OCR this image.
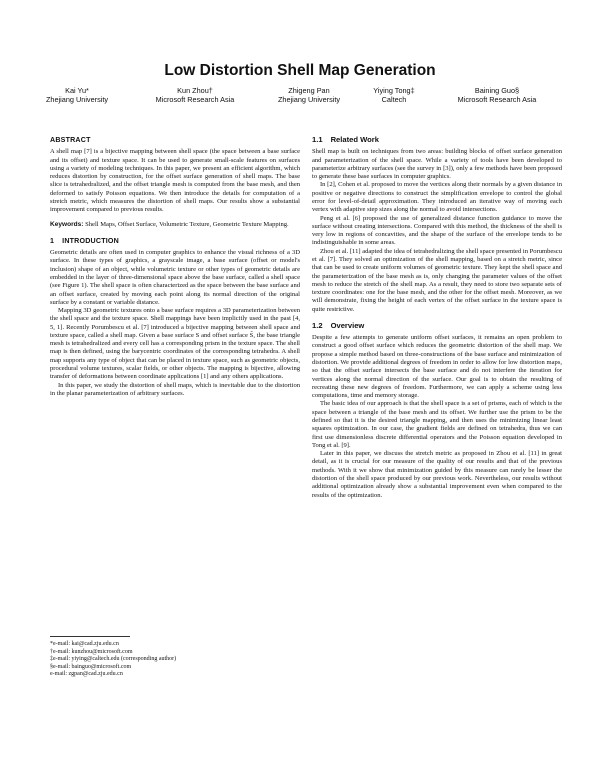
Low Distortion Shell Map Generation
Kai Yu*
Zhejiang University
Kun Zhou†
Microsoft Research Asia
Zhigeng Pan
Zhejiang University
Yiying Tong‡
Caltech
Baining Guo§
Microsoft Research Asia
ABSTRACT

A shell map [7] is a bijective mapping between shell space (the space between a base surface and its offset) and texture space. It can be used to generate small-scale features on surfaces using a variety of modeling techniques. In this paper, we present an efficient algorithm, which reduces distortion by construction, for the offset surface generation of shell maps. The base slice is tetrahedralized, and the offset triangle mesh is computed from the base mesh, and then deformed to satisfy Poisson equations. We then introduce the details for computation of a stretch metric, which measures the distortion of shell maps. Our results show a substantial improvement compared to previous results.

Keywords: Shell Maps, Offset Surface, Volumetric Texture, Geometric Texture Mapping.

1 INTRODUCTION

Geometric details are often used in computer graphics to enhance the visual richness of a 3D surface. In these types of graphics, a grayscale image, a base surface (offset or model's inclusion) shape of an object, while volumetric texture or other types of geometric details are embedded in the layer of three-dimensional space above the base surface, called a shell space (see Figure 1). The shell space is often characterized as the space between the base surface and an offset surface, created by moving each point along its normal direction of the original surface by a constant or variable distance.

Mapping 3D geometric textures onto a base surface requires a 3D parameterization between the shell space and the texture space. Shell mappings have been implicitly used in the past [4, 5, 1]. Recently Porumbescu et al. [7] introduced a bijective mapping between shell space and texture space, called a shell map. Given a base surface S and offset surface S̃, the base triangle mesh is tetrahedralized and every cell has a corresponding prism in the texture space. The shell map is then defined, using the barycentric coordinates of the corresponding tetrahedra. A shell map supports any type of object that can be placed in texture space, such as geometric objects, procedural volume textures, scalar fields, or other objects. The mapping is bijective, allowing transfer of deformations between coordinate applications [1] and any others applications.

In this paper, we study the distortion of shell maps, which is inevitable due to the distortion in the planar parameterization of arbitrary surfaces.

*e-mail: kai@cad.zju.edu.cn
†e-mail: kunzhou@microsoft.com
‡e-mail: yiying@caltech.edu (corresponding author)
§e-mail: bainguo@microsoft.com
e-mail: zgpan@cad.zju.edu.cn
1.1 Related Work

Shell map is built on techniques from two areas: building blocks of offset surface generation and parameterization of the shell space. While a variety of tools have been developed to parameterize arbitrary surfaces (see the survey in [3]), only a few methods have been proposed to generate these base surfaces in computer graphics.

In [2], Cohen et al. proposed to move the vertices along their normals by a given distance in positive or negative directions to construct the simplification envelope to control the global error for level-of-detail approximation. They introduced an iterative way of moving each vertex with adaptive step sizes along the normal to avoid intersections.

Peng et al. [6] proposed the use of generalized distance function guidance to move the surface without creating intersections. Compared with this method, the thickness of the shell is very low in regions of concavities, and the shape of the surface of the envelope tends to be indistinguishable in some areas.

Zhou et al. [11] adapted the idea of tetrahedralizing the shell space presented in Porumbescu et al. [7]. They solved an optimization of the shell mapping, based on a stretch metric, since that can be used to create uniform volumes of geometric texture. They kept the shell space and the parameterization of the base mesh as is, only changing the parameter values of the offset mesh to reduce the stretch of the shell map. As a result, they need to store two separate sets of texture coordinates: one for the base mesh, and the other for the offset mesh. Moreover, as we will demonstrate, fixing the height of each vertex of the offset surface in the texture space is quite restrictive.

1.2 Overview

Despite a few attempts to generate uniform offset surfaces, it remains an open problem to construct a good offset surface which reduces the geometric distortion of the shell map. We propose a simple method based on three-constructions of the base surface and minimization of distortion. We provide additional degrees of freedom in order to allow for low distortion maps, so that the offset surface intersects the base surface and do not interfere the iteration for vertices along the normal direction of the surface. Our goal is to obtain the resulting of recreating these new degrees of freedom. Furthermore, we can apply a scheme using less computations, time and memory storage.

The basic idea of our approach is that the shell space is a set of prisms, each of which is the space between a triangle of the base mesh and its offset. We further use the prism to be the defined so that it is the desired triangle mapping, and then uses the minimizing linear least squares optimization. In our case, the gradient fields are defined on tetrahedra, thus we can first use dimensionless discrete differential operators and the Poisson equation developed in Tong et al. [9].

Later in this paper, we discuss the stretch metric as proposed in Zhou et al. [11] in great detail, as it is crucial for our measure of the quality of our results and that of the previous methods. With it we show that minimization guided by this measure can rarely be lesser the distortion of the shell space produced by our previous work. Nevertheless, our results without additional optimization already show a substantial improvement even when compared to the results of the optimization.
